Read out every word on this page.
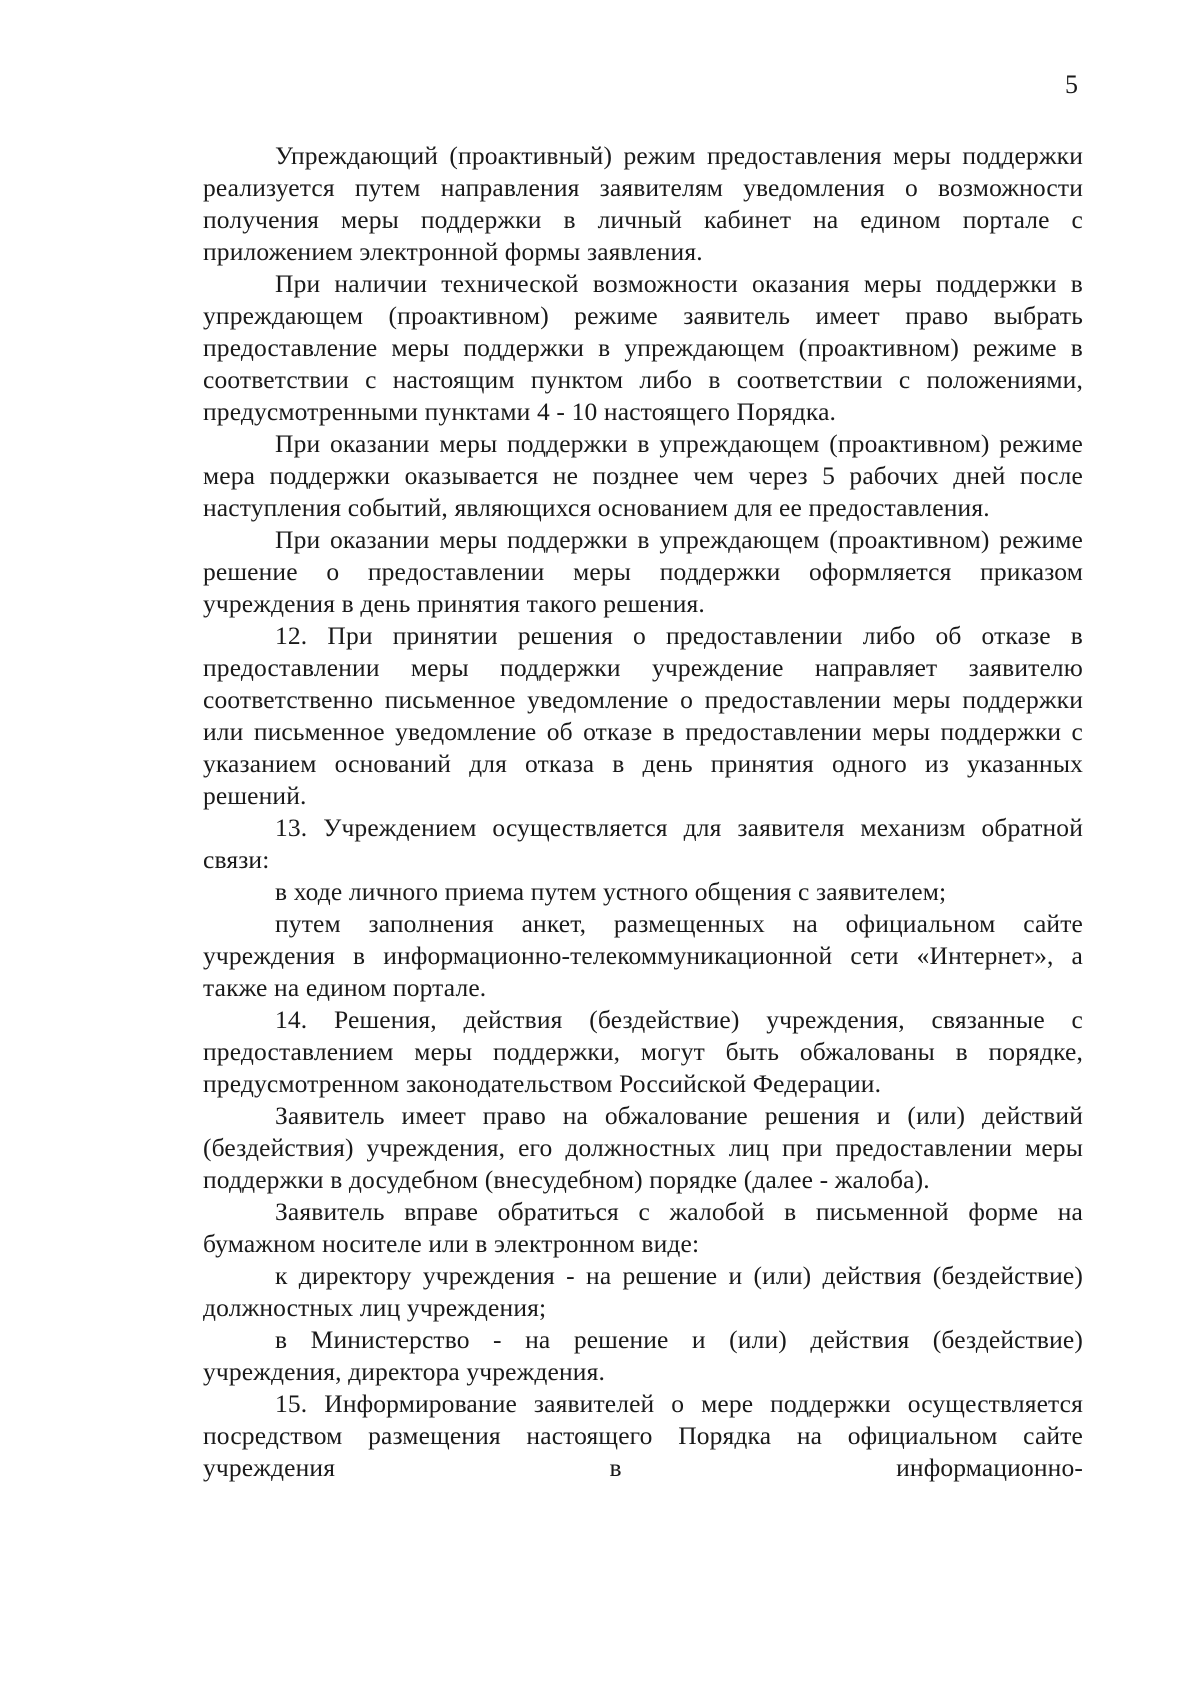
5

Упреждающий (проактивный) режим предоставления меры поддержки реализуется путем направления заявителям уведомления о возможности получения меры поддержки в личный кабинет на едином портале с приложением электронной формы заявления.

При наличии технической возможности оказания меры поддержки в упреждающем (проактивном) режиме заявитель имеет право выбрать предоставление меры поддержки в упреждающем (проактивном) режиме в соответствии с настоящим пунктом либо в соответствии с положениями, предусмотренными пунктами 4 - 10 настоящего Порядка.

При оказании меры поддержки в упреждающем (проактивном) режиме мера поддержки оказывается не позднее чем через 5 рабочих дней после наступления событий, являющихся основанием для ее предоставления.

При оказании меры поддержки в упреждающем (проактивном) режиме решение о предоставлении меры поддержки оформляется приказом учреждения в день принятия такого решения.

12. При принятии решения о предоставлении либо об отказе в предоставлении меры поддержки учреждение направляет заявителю соответственно письменное уведомление о предоставлении меры поддержки или письменное уведомление об отказе в предоставлении меры поддержки с указанием оснований для отказа в день принятия одного из указанных решений.

13. Учреждением осуществляется для заявителя механизм обратной связи:

в ходе личного приема путем устного общения с заявителем;

путем заполнения анкет, размещенных на официальном сайте учреждения в информационно-телекоммуникационной сети «Интернет», а также на едином портале.

14. Решения, действия (бездействие) учреждения, связанные с предоставлением меры поддержки, могут быть обжалованы в порядке, предусмотренном законодательством Российской Федерации.

Заявитель имеет право на обжалование решения и (или) действий (бездействия) учреждения, его должностных лиц при предоставлении меры поддержки в досудебном (внесудебном) порядке (далее - жалоба).

Заявитель вправе обратиться с жалобой в письменной форме на бумажном носителе или в электронном виде:

к директору учреждения - на решение и (или) действия (бездействие) должностных лиц учреждения;

в Министерство - на решение и (или) действия (бездействие) учреждения, директора учреждения.

15. Информирование заявителей о мере поддержки осуществляется посредством размещения настоящего Порядка на официальном сайте учреждения в информационно-
